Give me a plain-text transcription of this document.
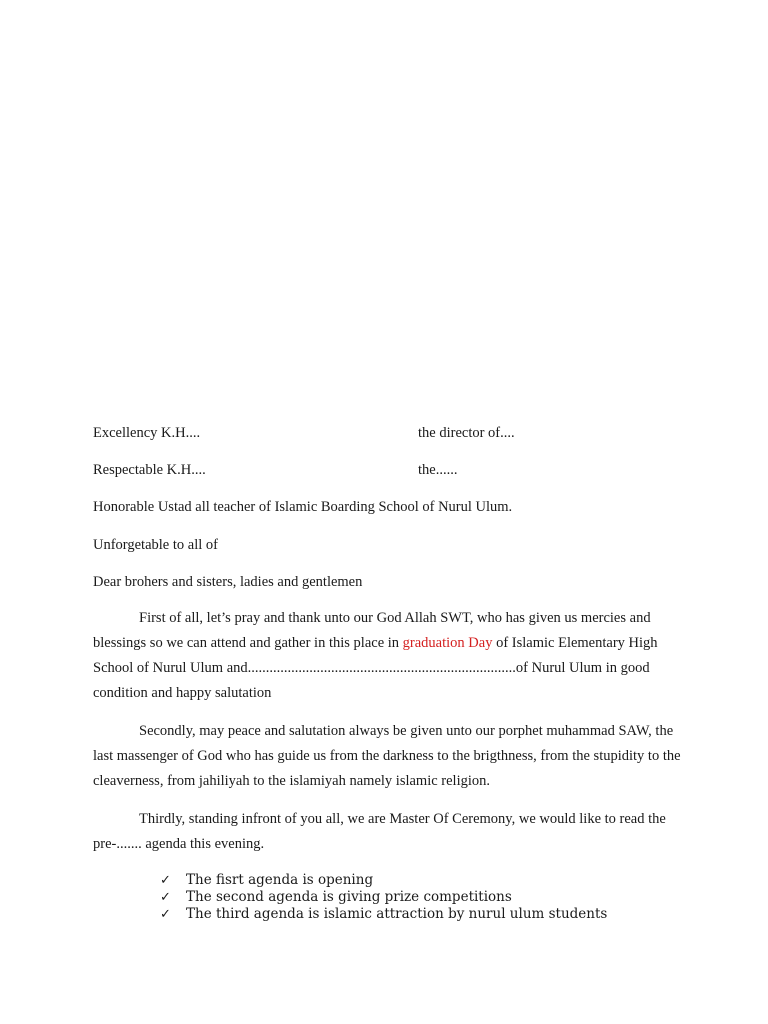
Excellency K.H....	the director of....
Respectable K.H....	the......
Honorable Ustad all teacher of Islamic Boarding School of Nurul Ulum.
Unforgetable to all of
Dear brohers and sisters, ladies and gentlemen
First of all, let’s pray and thank unto our God Allah SWT, who has given us mercies and blessings so we can attend and gather in this place in graduation Day of Islamic Elementary High School of Nurul Ulum and..........................................................................of Nurul Ulum in good condition and happy salutation
Secondly, may peace and salutation always be given unto our porphet muhammad SAW, the last massenger of God who has guide us from the darkness to the brigthness, from the stupidity to the cleaverness, from jahiliyah to the islamiyah namely islamic religion.
Thirdly, standing infront of you all, we are Master Of Ceremony, we would like to read the pre-....... agenda this evening.
✓	The fisrt agenda is opening
✓	The second agenda is giving prize competitions
✓	The third agenda is islamic attraction by nurul ulum students
